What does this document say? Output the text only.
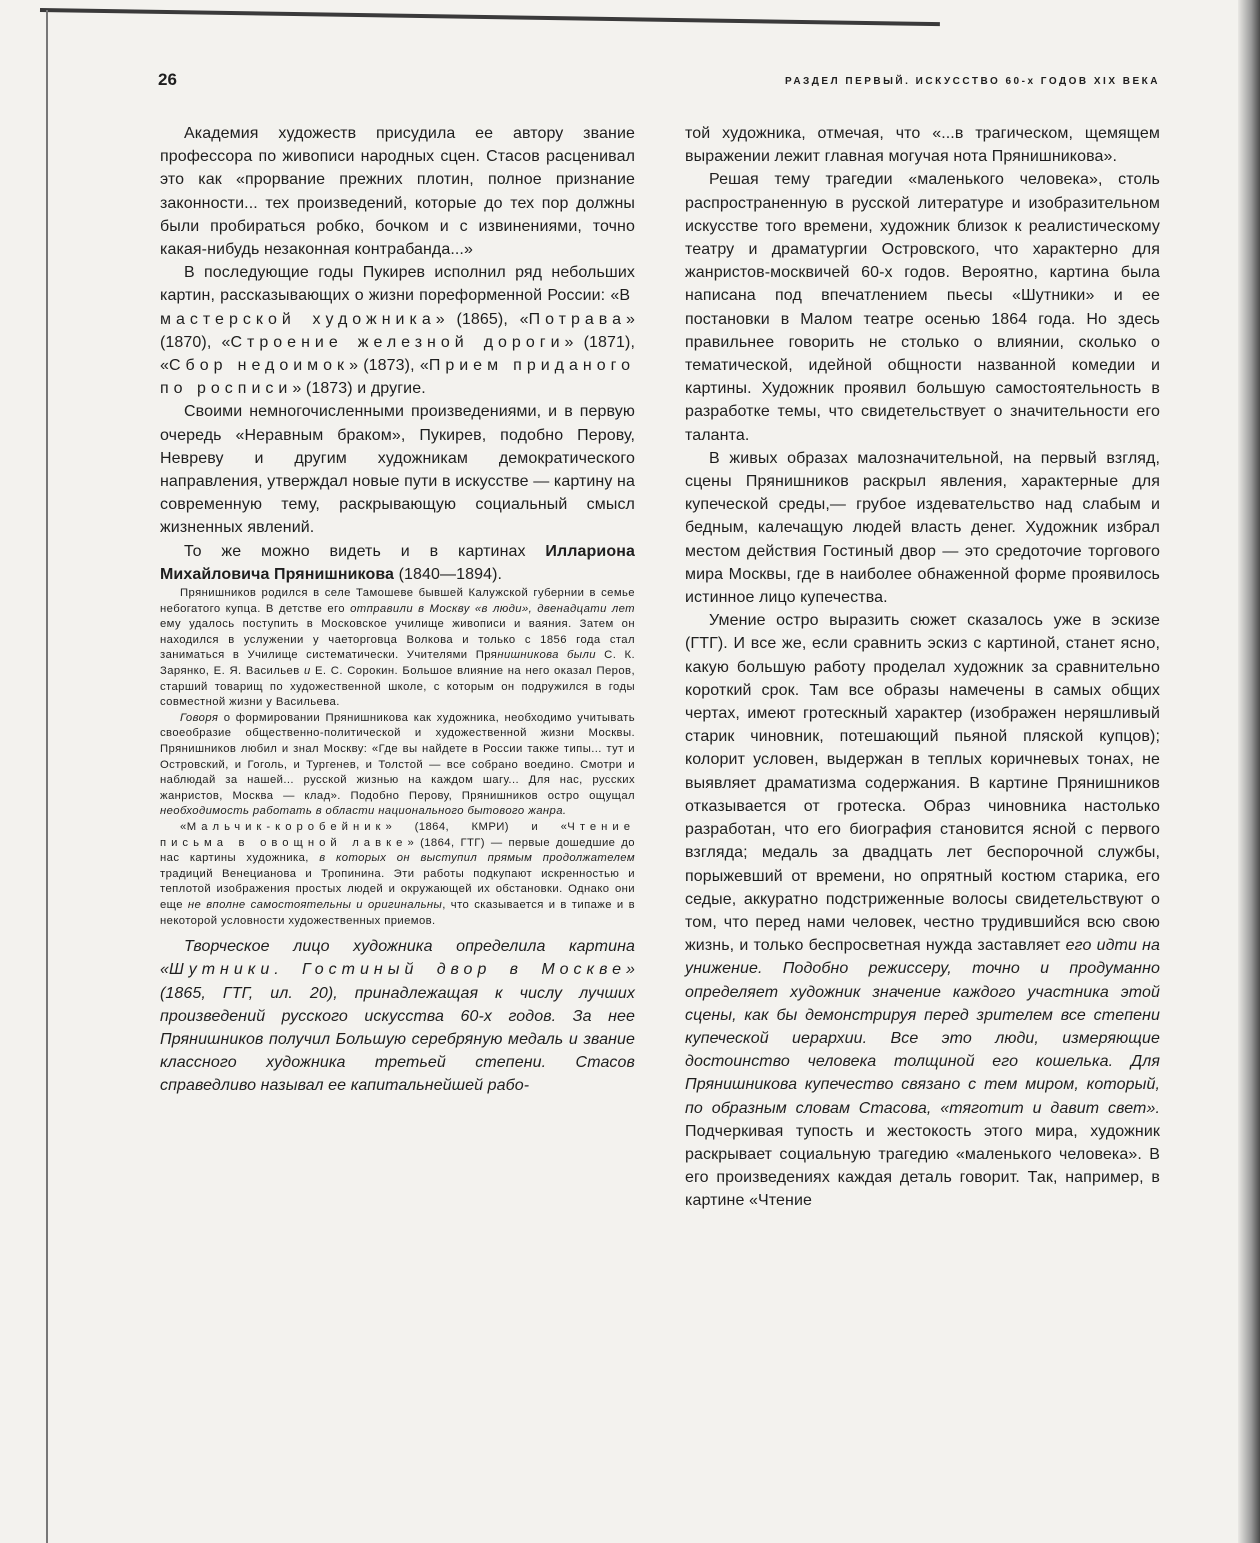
26	РАЗДЕЛ ПЕРВЫЙ. ИСКУССТВО 60-х ГОДОВ XIX ВЕКА

Академия художеств присудила ее автору звание профессора по живописи народных сцен. Стасов расценивал это как «прорвание прежних плотин, полное признание законности... тех произведений, которые до тех пор должны были пробираться робко, бочком и с извинениями, точно какая-нибудь незаконная контрабанда...»

В последующие годы Пукирев исполнил ряд небольших картин, рассказывающих о жизни пореформенной России: «В мастерской художника» (1865), «Потрава» (1870), «Строение железной дороги» (1871), «Сбор недоимок» (1873), «Прием приданого по росписи» (1873) и другие.

Своими немногочисленными произведениями, и в первую очередь «Неравным браком», Пукирев, подобно Перову, Невреву и другим художникам демократического направления, утверждал новые пути в искусстве — картину на современную тему, раскрывающую социальный смысл жизненных явлений.

То же можно видеть и в картинах Иллариона Михайловича Прянишникова (1840—1894).

Прянишников родился в селе Тамошеве бывшей Калужской губернии в семье небогатого купца. В детстве его отправили в Москву «в люди», двенадцати лет ему удалось поступить в Московское училище живописи и ваяния. Затем он находился в услужении у чаеторговца Волкова и только с 1856 года стал заниматься в Училище систематически. Учителями Прянишникова были С. К. Зарянко, Е. Я. Васильев и Е. С. Сорокин. Большое влияние на него оказал Перов, старший товарищ по художественной школе, с которым он подружился в годы совместной жизни у Васильева.

Говоря о формировании Прянишникова как художника, необходимо учитывать своеобразие общественно-политической и художественной жизни Москвы. Прянишников любил и знал Москву: «Где вы найдете в России также типы... тут и Островский, и Гоголь, и Тургенев, и Толстой — все собрано воедино. Смотри и наблюдай за нашей... русской жизнью на каждом шагу... Для нас, русских жанристов, Москва — клад». Подобно Перову, Прянишников остро ощущал необходимость работать в области национального бытового жанра.

«Мальчик-коробейник» (1864, КМРИ) и «Чтение письма в овощной лавке» (1864, ГТГ) — первые дошедшие до нас картины художника, в которых он выступил прямым продолжателем традиций Венецианова и Тропинина. Эти работы подкупают искренностью и теплотой изображения простых людей и окружающей их обстановки. Однако они еще не вполне самостоятельны и оригинальны, что сказывается и в типаже и в некоторой условности художественных приемов.

Творческое лицо художника определила картина «Шутники. Гостиный двор в Москве» (1865, ГТГ, ил. 20), принадлежащая к числу лучших произведений русского искусства 60-х годов. За нее Прянишников получил Большую серебряную медаль и звание классного художника третьей степени. Стасов справедливо называл ее капитальнейшей рабо-

той художника, отмечая, что «...в трагическом, щемящем выражении лежит главная могучая нота Прянишникова».

Решая тему трагедии «маленького человека», столь распространенную в русской литературе и изобразительном искусстве того времени, художник близок к реалистическому театру и драматургии Островского, что характерно для жанристов-москвичей 60-х годов. Вероятно, картина была написана под впечатлением пьесы «Шутники» и ее постановки в Малом театре осенью 1864 года. Но здесь правильнее говорить не столько о влиянии, сколько о тематической, идейной общности названной комедии и картины. Художник проявил большую самостоятельность в разработке темы, что свидетельствует о значительности его таланта.

В живых образах малозначительной, на первый взгляд, сцены Прянишников раскрыл явления, характерные для купеческой среды,— грубое издевательство над слабым и бедным, калечащую людей власть денег. Художник избрал местом действия Гостиный двор — это средоточие торгового мира Москвы, где в наиболее обнаженной форме проявилось истинное лицо купечества.

Умение остро выразить сюжет сказалось уже в эскизе (ГТГ). И все же, если сравнить эскиз с картиной, станет ясно, какую большую работу проделал художник за сравнительно короткий срок. Там все образы намечены в самых общих чертах, имеют гротескный характер (изображен неряшливый старик чиновник, потешающий пьяной пляской купцов); колорит условен, выдержан в теплых коричневых тонах, не выявляет драматизма содержания. В картине Прянишников отказывается от гротеска. Образ чиновника настолько разработан, что его биография становится ясной с первого взгляда; медаль за двадцать лет беспорочной службы, порыжевший от времени, но опрятный костюм старика, его седые, аккуратно подстриженные волосы свидетельствуют о том, что перед нами человек, честно трудившийся всю свою жизнь, и только беспросветная нужда заставляет его идти на унижение. Подобно режиссеру, точно и продуманно определяет художник значение каждого участника этой сцены, как бы демонстрируя перед зрителем все степени купеческой иерархии. Все это люди, измеряющие достоинство человека толщиной его кошелька. Для Прянишникова купечество связано с тем миром, который, по образным словам Стасова, «тяготит и давит свет». Подчеркивая тупость и жестокость этого мира, художник раскрывает социальную трагедию «маленького человека». В его произведениях каждая деталь говорит. Так, например, в картине «Чтение
